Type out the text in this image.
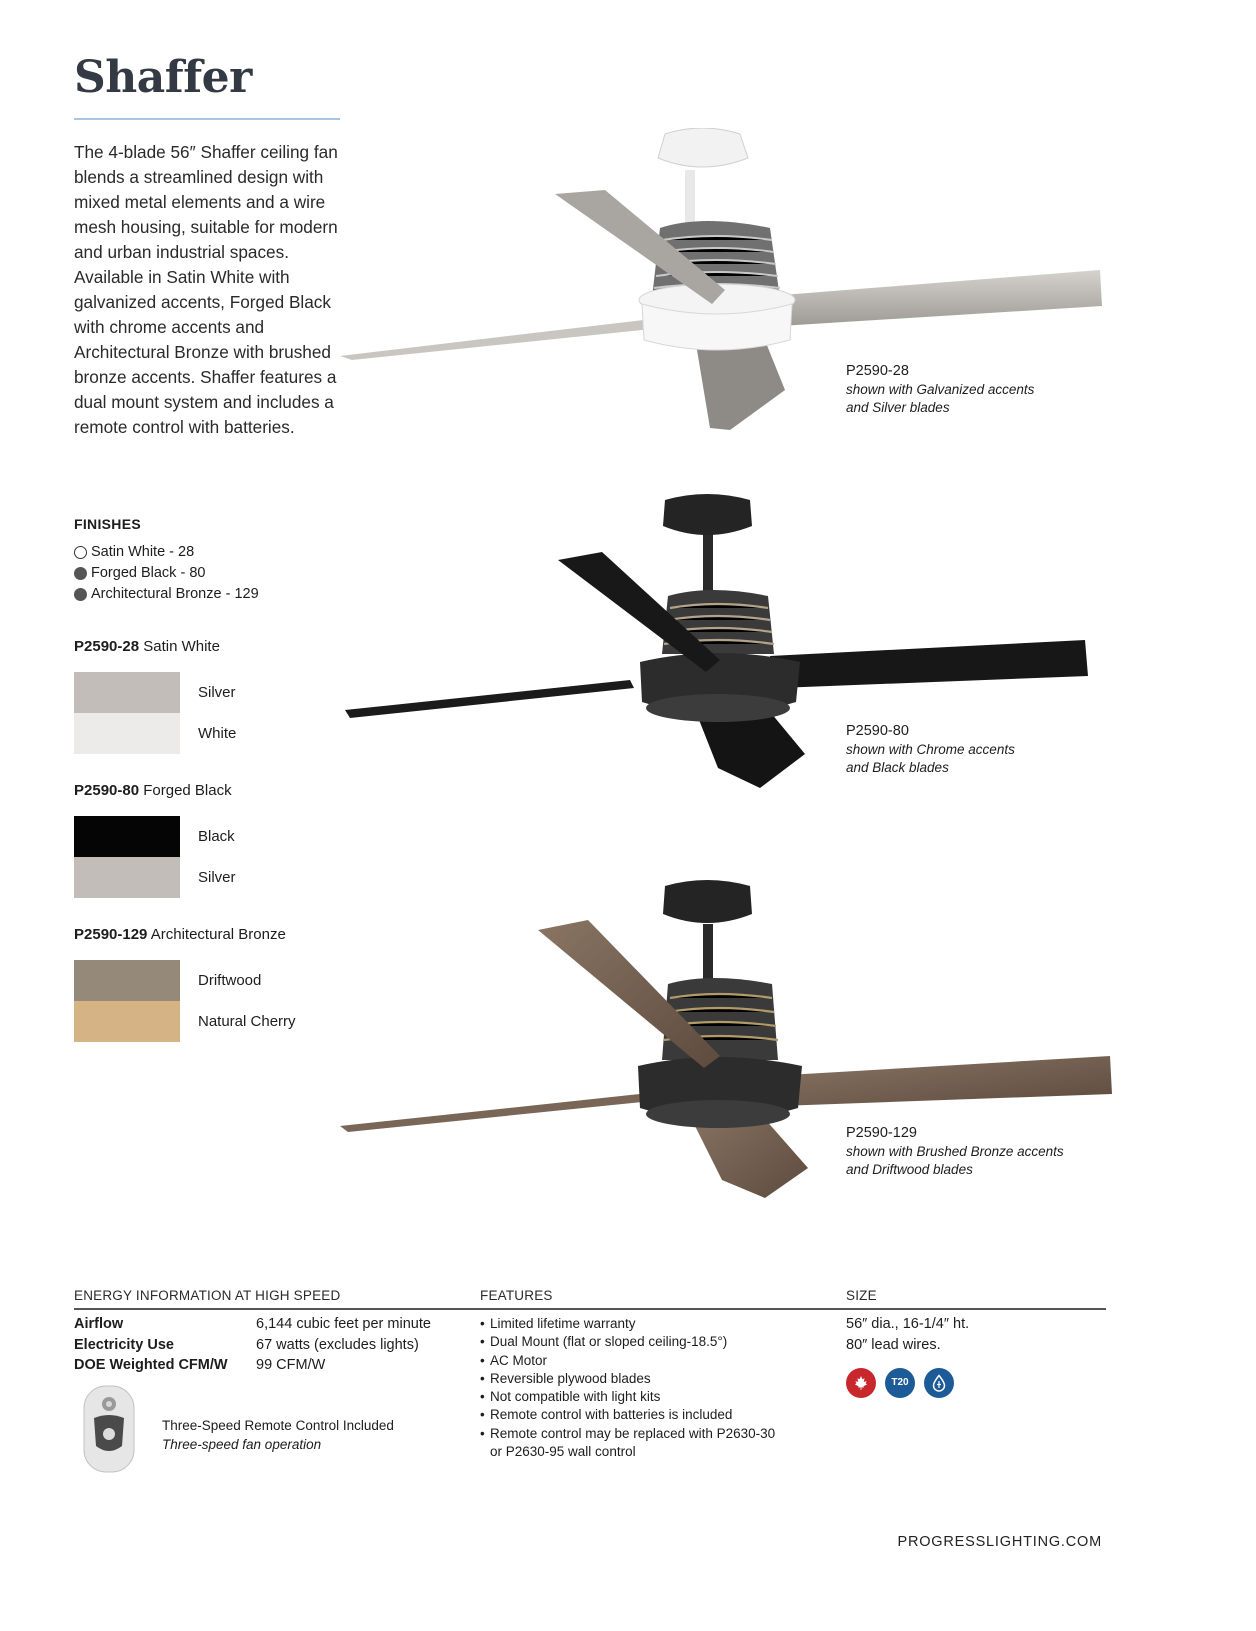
Shaffer

The 4-blade 56″ Shaffer ceiling fan blends a streamlined design with mixed metal elements and a wire mesh housing, suitable for modern and urban industrial spaces. Available in Satin White with galvanized accents, Forged Black with chrome accents and Architectural Bronze with brushed bronze accents. Shaffer features a dual mount system and includes a remote control with batteries.

FINISHES
Satin White - 28
Forged Black - 80
Architectural Bronze - 129
P2590-28 Satin White
Silver
White
P2590-80 Forged Black
Black
Silver
P2590-129 Architectural Bronze
Driftwood
Natural Cherry
P2590-28
shown with Galvanized accents
and Silver blades
P2590-80
shown with Chrome accents
and Black blades
P2590-129
shown with Brushed Bronze accents
and Driftwood blades
ENERGY INFORMATION AT HIGH SPEED	FEATURES	SIZE
Airflow	6,144 cubic feet per minute
Electricity Use	67 watts (excludes lights)
DOE Weighted CFM/W	99 CFM/W
• Limited lifetime warranty
• Dual Mount (flat or sloped ceiling-18.5°)
• AC Motor
• Reversible plywood blades
• Not compatible with light kits
• Remote control with batteries is included
• Remote control may be replaced with P2630-30 or P2630-95 wall control
56″ dia., 16-1/4″ ht.
80″ lead wires.
T20
Three-Speed Remote Control Included
Three-speed fan operation
PROGRESSLIGHTING.COM
